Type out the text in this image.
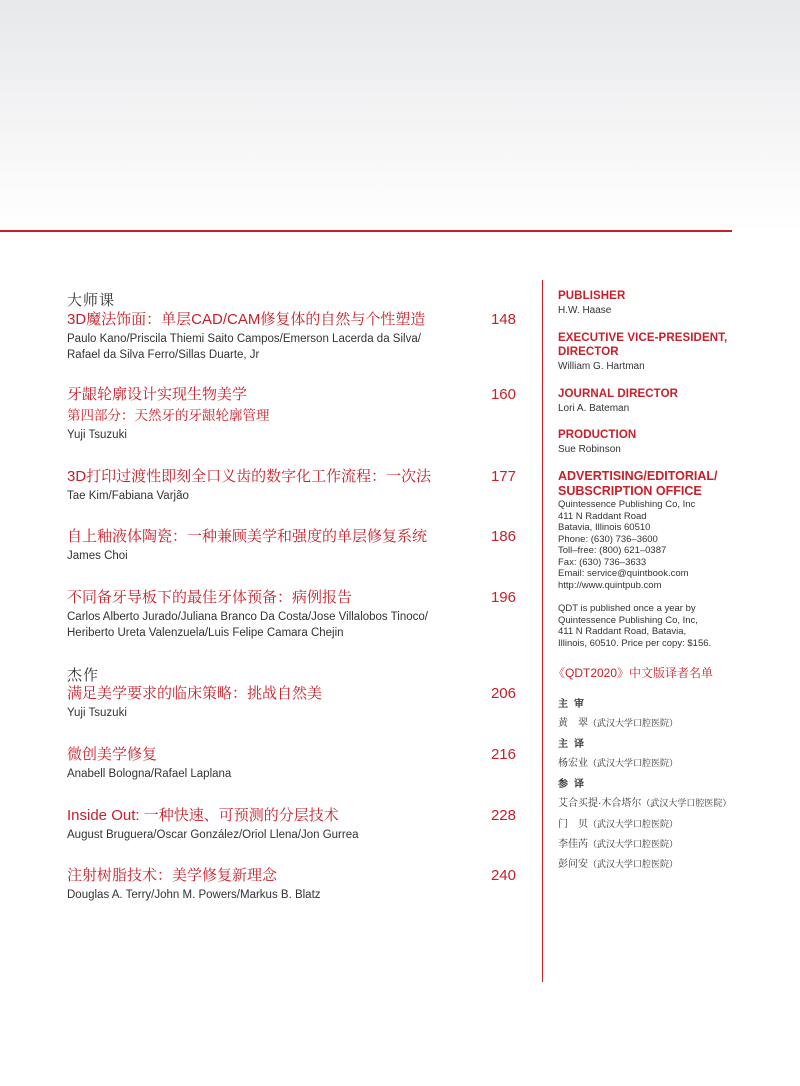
大师课
3D魔法饰面：单层CAD/CAM修复体的自然与个性塑造	148
Paulo Kano/Priscila Thiemi Saito Campos/Emerson Lacerda da Silva/
Rafael da Silva Ferro/Sillas Duarte, Jr
牙龈轮廓设计实现生物美学	160
第四部分：天然牙的牙龈轮廓管理
Yuji Tsuzuki
3D打印过渡性即刻全口义齿的数字化工作流程：一次法	177
Tae Kim/Fabiana Varjão
自上釉液体陶瓷：一种兼顾美学和强度的单层修复系统	186
James Choi
不同备牙导板下的最佳牙体预备：病例报告	196
Carlos Alberto Jurado/Juliana Branco Da Costa/Jose Villalobos Tinoco/
Heriberto Ureta Valenzuela/Luis Felipe Camara Chejin
杰作
满足美学要求的临床策略：挑战自然美	206
Yuji Tsuzuki
微创美学修复	216
Anabell Bologna/Rafael Laplana
Inside Out: 一种快速、可预测的分层技术	228
August Bruguera/Oscar González/Oriol Llena/Jon Gurrea
注射树脂技术：美学修复新理念	240
Douglas A. Terry/John M. Powers/Markus B. Blatz
PUBLISHER
H.W. Haase
EXECUTIVE VICE-PRESIDENT,
DIRECTOR
William G. Hartman
JOURNAL DIRECTOR
Lori A. Bateman
PRODUCTION
Sue Robinson
ADVERTISING/EDITORIAL/
SUBSCRIPTION OFFICE
Quintessence Publishing Co, Inc
411 N Raddant Road
Batavia, Illinois 60510
Phone: (630) 736–3600
Toll–free: (800) 621–0387
Fax: (630) 736–3633
Email: service@quintbook.com
http://www.quintpub.com
QDT is published once a year by
Quintessence Publishing Co, Inc,
411 N Raddant Road, Batavia,
Illinois, 60510. Price per copy: $156.
《QDT2020》中文版译者名单
主审
黄　翠（武汉大学口腔医院）
主译
杨宏业（武汉大学口腔医院）
参译
艾合买提·木合塔尔（武汉大学口腔医院）
门　贝（武汉大学口腔医院）
李佳芮（武汉大学口腔医院）
彭问安（武汉大学口腔医院）
